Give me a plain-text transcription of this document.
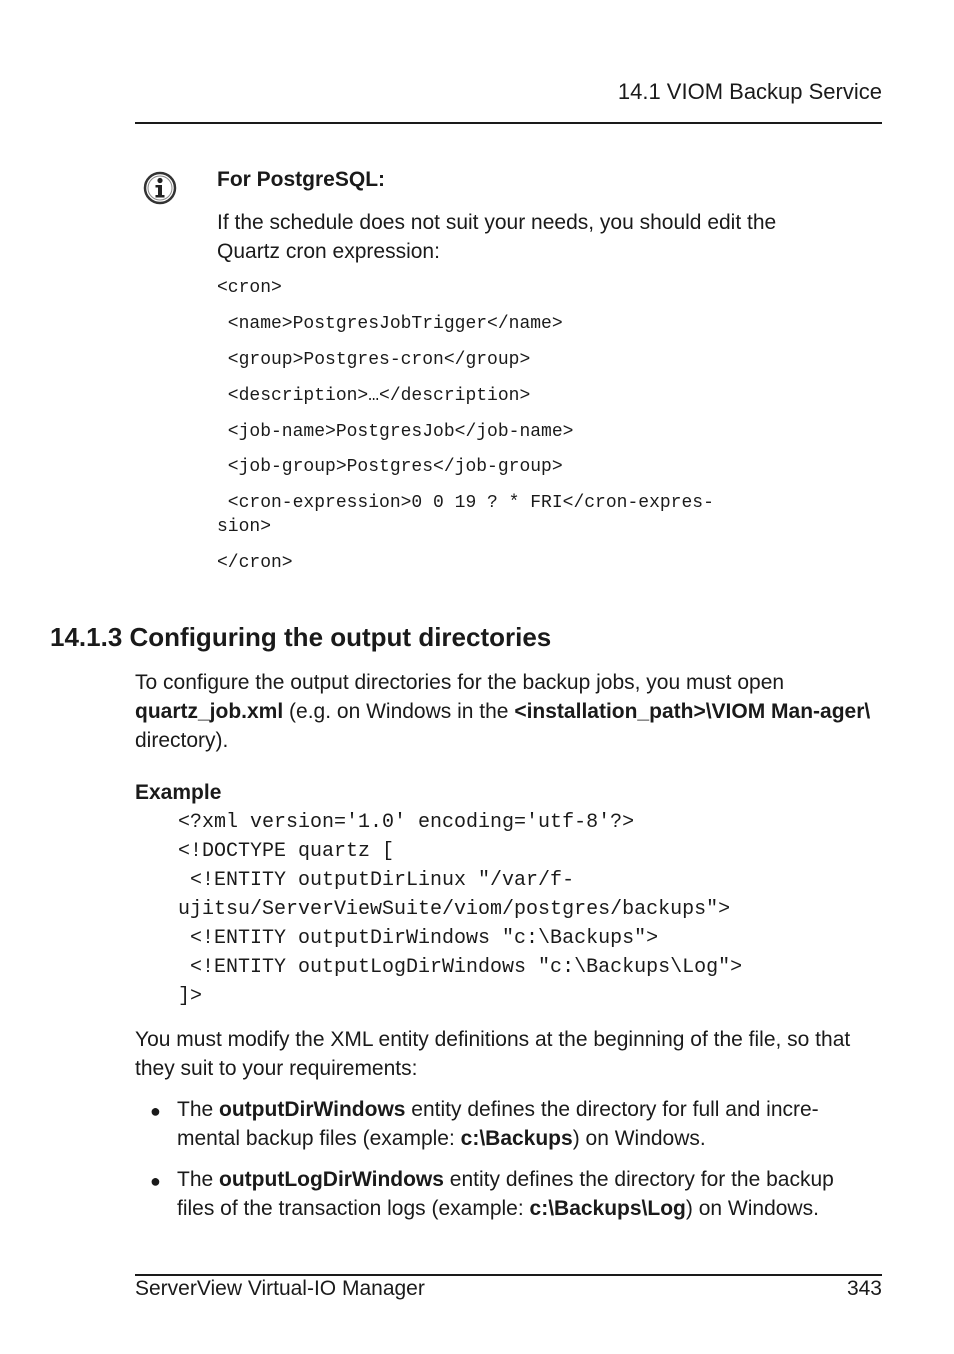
14.1 VIOM Backup Service
For PostgreSQL:
If the schedule does not suit your needs, you should edit the Quartz cron expression:
<cron>
<name>PostgresJobTrigger</name>
<group>Postgres-cron</group>
<description>…</description>
<job-name>PostgresJob</job-name>
<job-group>Postgres</job-group>
<cron-expression>0 0 19 ? * FRI</cron-expres-
sion>
</cron>
14.1.3 Configuring the output directories
To configure the output directories for the backup jobs, you must open quartz_job.xml (e.g. on Windows in the <installation_path>\VIOM Man-ager\ directory).
Example
<?xml version='1.0' encoding='utf-8'?>
<!DOCTYPE quartz [
<!ENTITY outputDirLinux "/var/f-
ujitsu/ServerViewSuite/viom/postgres/backups">
<!ENTITY outputDirWindows "c:\Backups">
<!ENTITY outputLogDirWindows "c:\Backups\Log">
]>
You must modify the XML entity definitions at the beginning of the file, so that they suit to your requirements:
● The outputDirWindows entity defines the directory for full and incre-mental backup files (example: c:\Backups) on Windows.
● The outputLogDirWindows entity defines the directory for the backup files of the transaction logs (example: c:\Backups\Log) on Windows.
ServerView Virtual-IO Manager	343
